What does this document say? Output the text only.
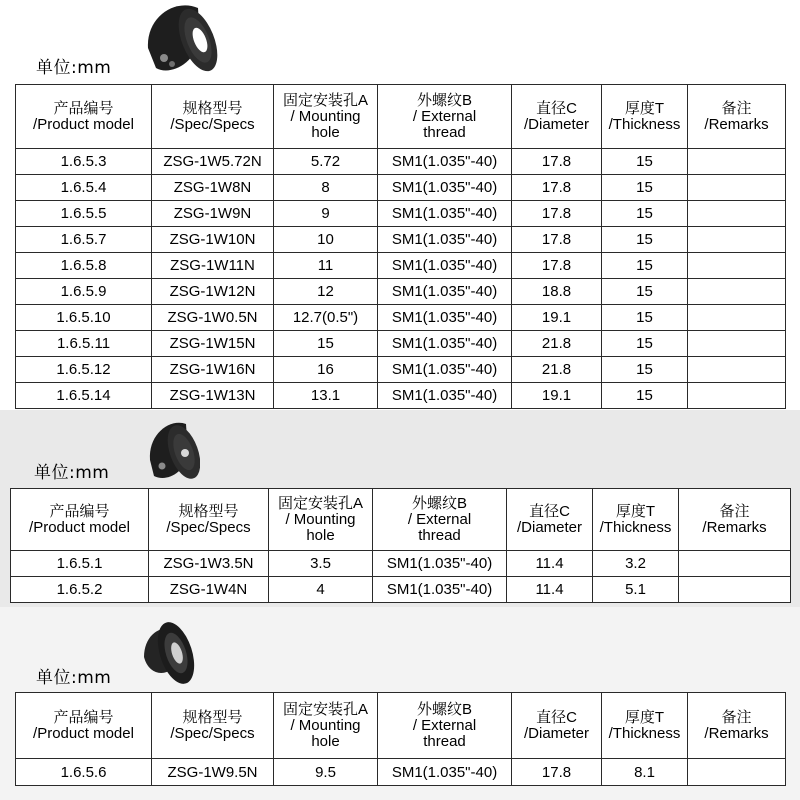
单位:mm
产品编号
/Product model	规格型号
/Spec/Specs	固定安装孔A
/ Mounting
hole	外螺纹B
/ External
thread	直径C
/Diameter	厚度T
/Thickness	备注
/Remarks

1.6.5.3	ZSG-1W5.72N	5.72	SM1(1.035"-40)	17.8	15	
1.6.5.4	ZSG-1W8N	8	SM1(1.035"-40)	17.8	15	
1.6.5.5	ZSG-1W9N	9	SM1(1.035"-40)	17.8	15	
1.6.5.7	ZSG-1W10N	10	SM1(1.035"-40)	17.8	15	
1.6.5.8	ZSG-1W11N	11	SM1(1.035"-40)	17.8	15	
1.6.5.9	ZSG-1W12N	12	SM1(1.035"-40)	18.8	15	
1.6.5.10	ZSG-1W0.5N	12.7(0.5")	SM1(1.035"-40)	19.1	15	
1.6.5.11	ZSG-1W15N	15	SM1(1.035"-40)	21.8	15	
1.6.5.12	ZSG-1W16N	16	SM1(1.035"-40)	21.8	15	
1.6.5.14	ZSG-1W13N	13.1	SM1(1.035"-40)	19.1	15	
单位:mm
产品编号
/Product model	规格型号
/Spec/Specs	固定安装孔A
/ Mounting
hole	外螺纹B
/ External
thread	直径C
/Diameter	厚度T
/Thickness	备注
/Remarks

1.6.5.1	ZSG-1W3.5N	3.5	SM1(1.035"-40)	11.4	3.2	
1.6.5.2	ZSG-1W4N	4	SM1(1.035"-40)	11.4	5.1	
单位:mm
产品编号
/Product model	规格型号
/Spec/Specs	固定安装孔A
/ Mounting
hole	外螺纹B
/ External
thread	直径C
/Diameter	厚度T
/Thickness	备注
/Remarks

1.6.5.6	ZSG-1W9.5N	9.5	SM1(1.035"-40)	17.8	8.1	
